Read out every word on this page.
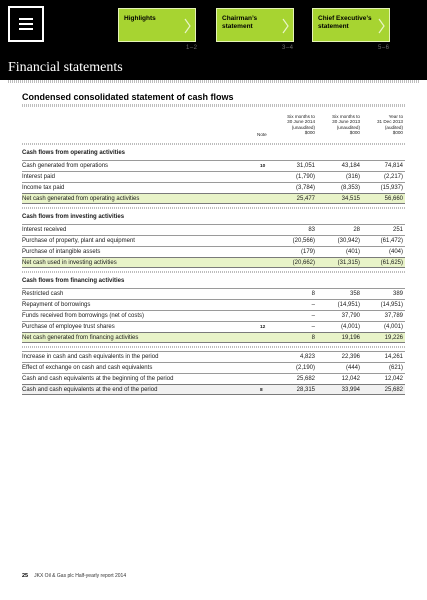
Highlights
1–2
Chairman’s statement
3–4
Chief Executive’s statement
5–6
Financial statements
Condensed consolidated statement of cash flows
Note
Six months to
30 June 2014
(unaudited)
$000
Six months to
30 June 2013
(unaudited)
$000
Year to
31 Dec 2013
(audited)
$000
Cash flows from operating activities
Cash generated from operations	10	31,051	43,184	74,814
Interest paid	(1,790)	(316)	(2,217)
Income tax paid	(3,784)	(8,353)	(15,937)
Net cash generated from operating activities	25,477	34,515	56,660
Cash flows from investing activities
Interest received	83	28	251
Purchase of property, plant and equipment	(20,566)	(30,942)	(61,472)
Purchase of intangible assets	(179)	(401)	(404)
Net cash used in investing activities	(20,662)	(31,315)	(61,625)
Cash flows from financing activities
Restricted cash	8	358	389
Repayment of borrowings	–	(14,951)	(14,951)
Funds received from borrowings (net of costs)	–	37,790	37,789
Purchase of employee trust shares	12	–	(4,001)	(4,001)
Net cash generated from financing activities	8	19,196	19,226
Increase in cash and cash equivalents in the period	4,823	22,396	14,261
Effect of exchange on cash and cash equivalents	(2,190)	(444)	(621)
Cash and cash equivalents at the beginning of the period	25,682	12,042	12,042
Cash and cash equivalents at the end of the period	8	28,315	33,994	25,682
25 JKX Oil & Gas plc Half-yearly report 2014
